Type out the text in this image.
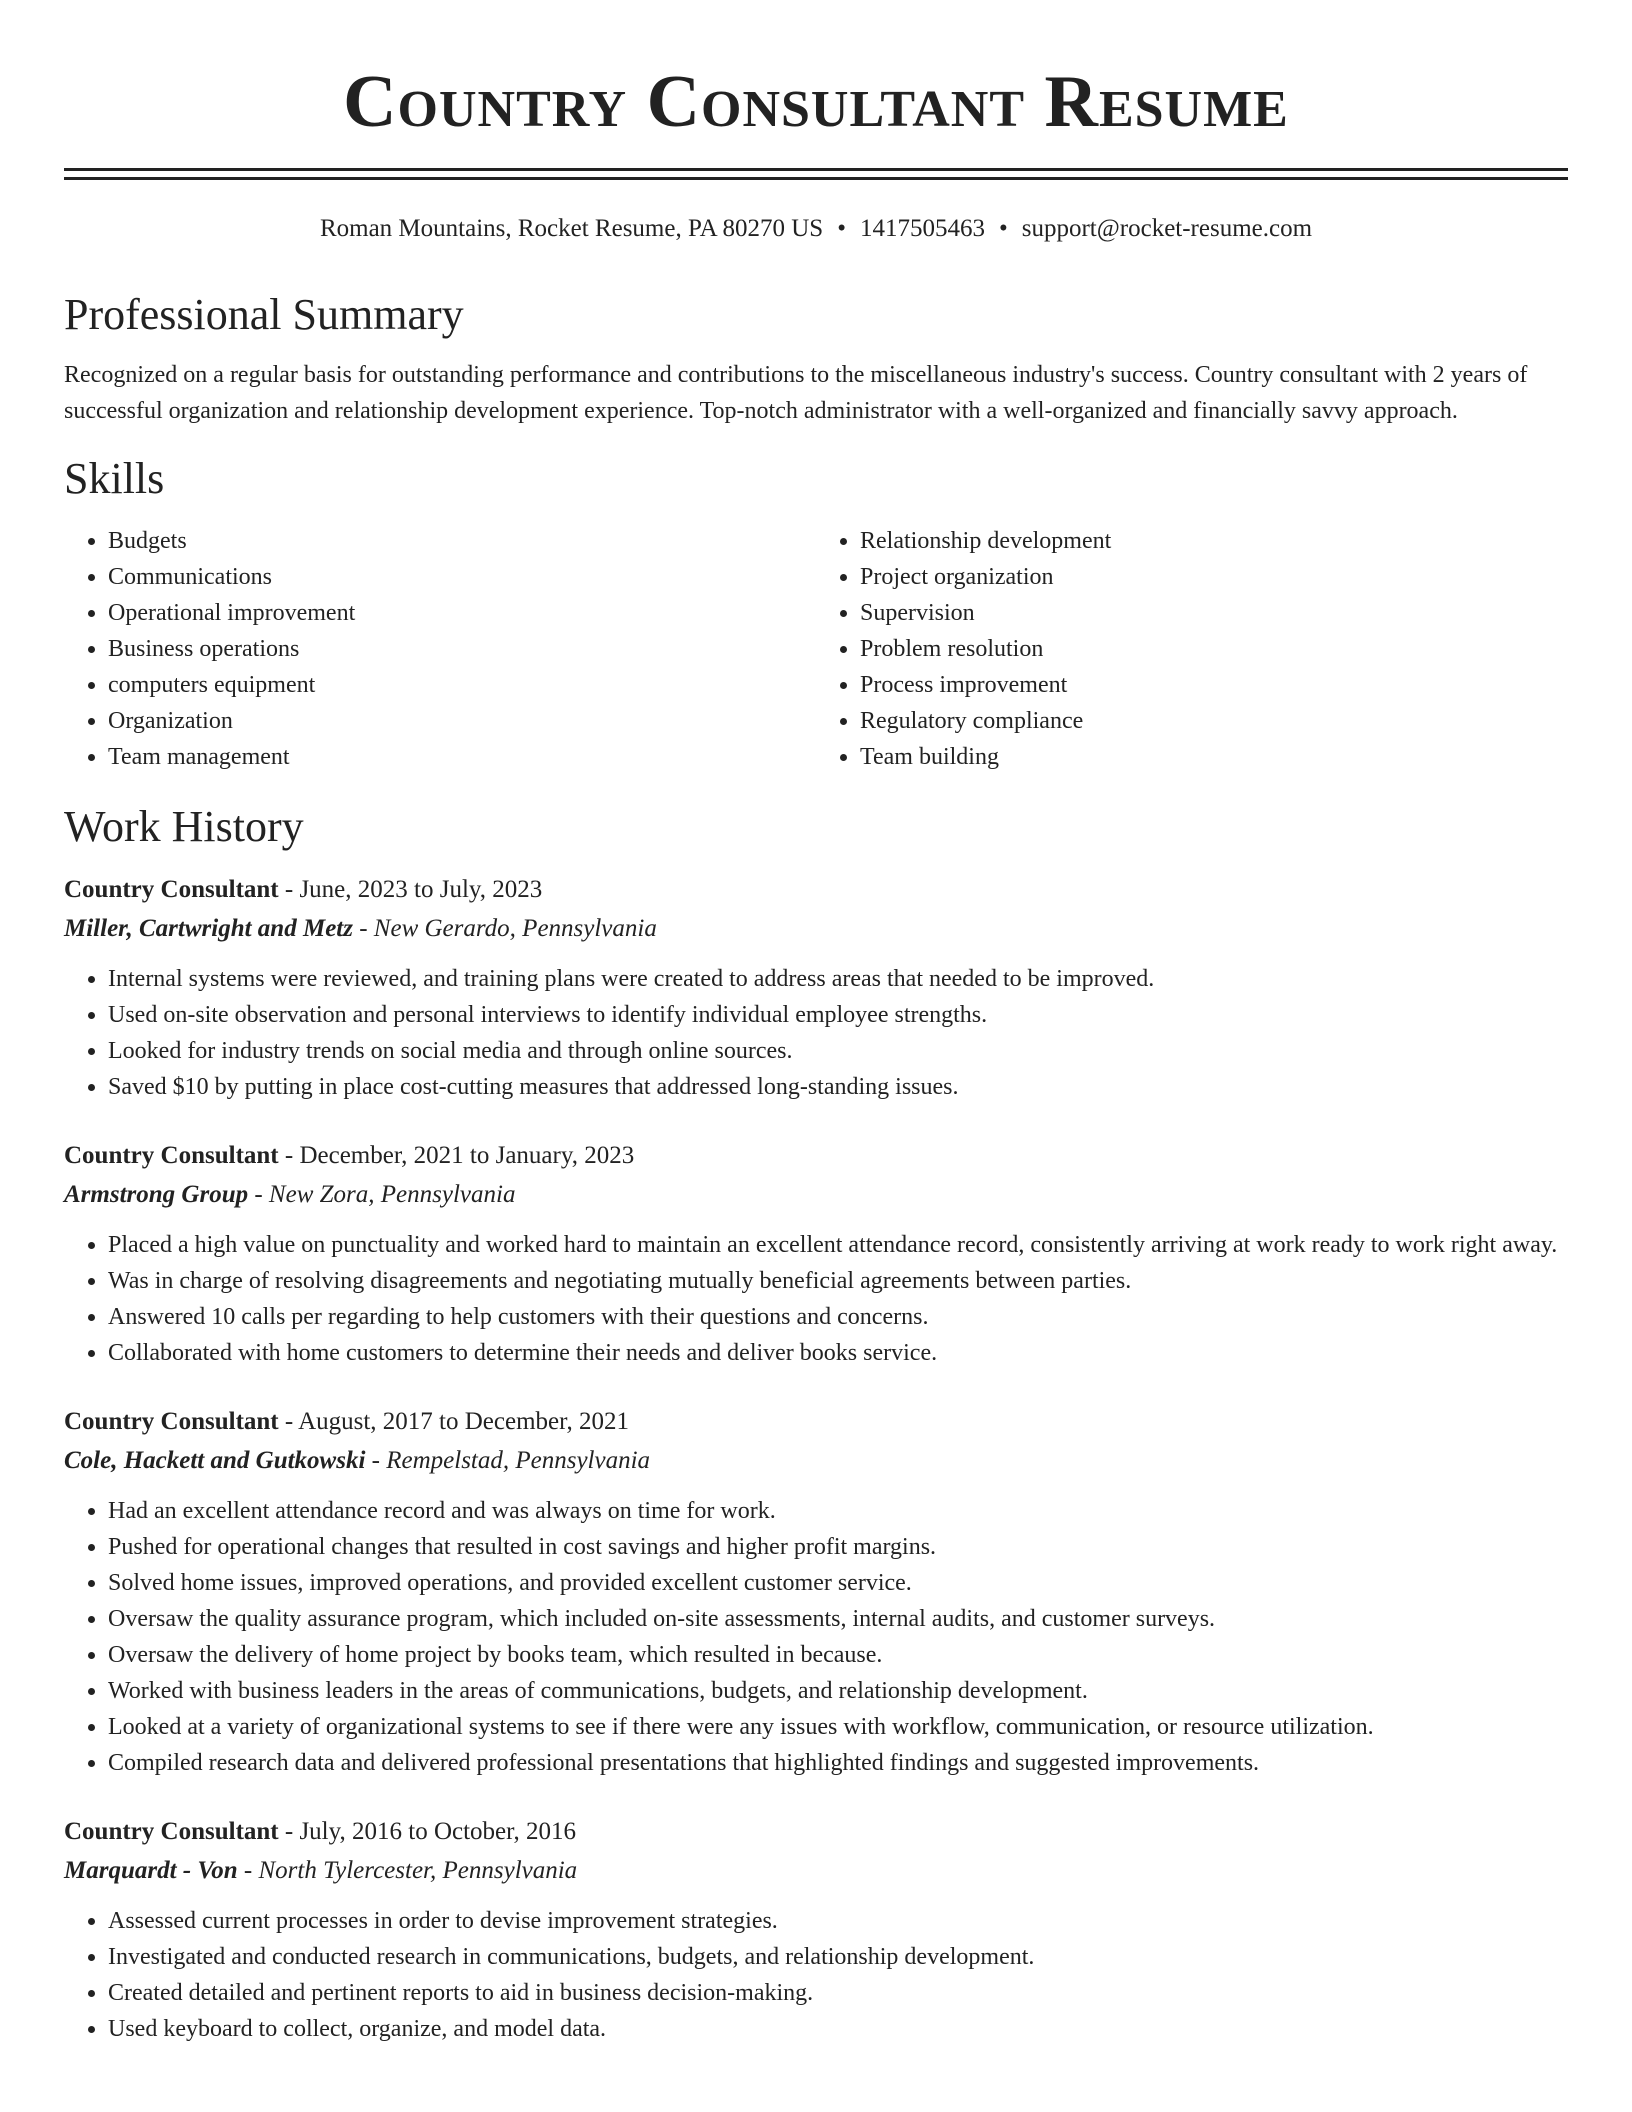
Country Consultant Resume
Roman Mountains, Rocket Resume, PA 80270 US • 1417505463 • support@rocket-resume.com
Professional Summary

Recognized on a regular basis for outstanding performance and contributions to the miscellaneous industry's success. Country consultant with 2 years of successful organization and relationship development experience. Top-notch administrator with a well-organized and financially savvy approach.

Skills
• Budgets
• Communications
• Operational improvement
• Business operations
• computers equipment
• Organization
• Team management
• Relationship development
• Project organization
• Supervision
• Problem resolution
• Process improvement
• Regulatory compliance
• Team building
Work History
Country Consultant - June, 2023 to July, 2023
Miller, Cartwright and Metz - New Gerardo, Pennsylvania
• Internal systems were reviewed, and training plans were created to address areas that needed to be improved.
• Used on-site observation and personal interviews to identify individual employee strengths.
• Looked for industry trends on social media and through online sources.
• Saved $10 by putting in place cost-cutting measures that addressed long-standing issues.
Country Consultant - December, 2021 to January, 2023
Armstrong Group - New Zora, Pennsylvania
• Placed a high value on punctuality and worked hard to maintain an excellent attendance record, consistently arriving at work ready to work right away.
• Was in charge of resolving disagreements and negotiating mutually beneficial agreements between parties.
• Answered 10 calls per regarding to help customers with their questions and concerns.
• Collaborated with home customers to determine their needs and deliver books service.
Country Consultant - August, 2017 to December, 2021
Cole, Hackett and Gutkowski - Rempelstad, Pennsylvania
• Had an excellent attendance record and was always on time for work.
• Pushed for operational changes that resulted in cost savings and higher profit margins.
• Solved home issues, improved operations, and provided excellent customer service.
• Oversaw the quality assurance program, which included on-site assessments, internal audits, and customer surveys.
• Oversaw the delivery of home project by books team, which resulted in because.
• Worked with business leaders in the areas of communications, budgets, and relationship development.
• Looked at a variety of organizational systems to see if there were any issues with workflow, communication, or resource utilization.
• Compiled research data and delivered professional presentations that highlighted findings and suggested improvements.
Country Consultant - July, 2016 to October, 2016
Marquardt - Von - North Tylercester, Pennsylvania
• Assessed current processes in order to devise improvement strategies.
• Investigated and conducted research in communications, budgets, and relationship development.
• Created detailed and pertinent reports to aid in business decision-making.
• Used keyboard to collect, organize, and model data.
